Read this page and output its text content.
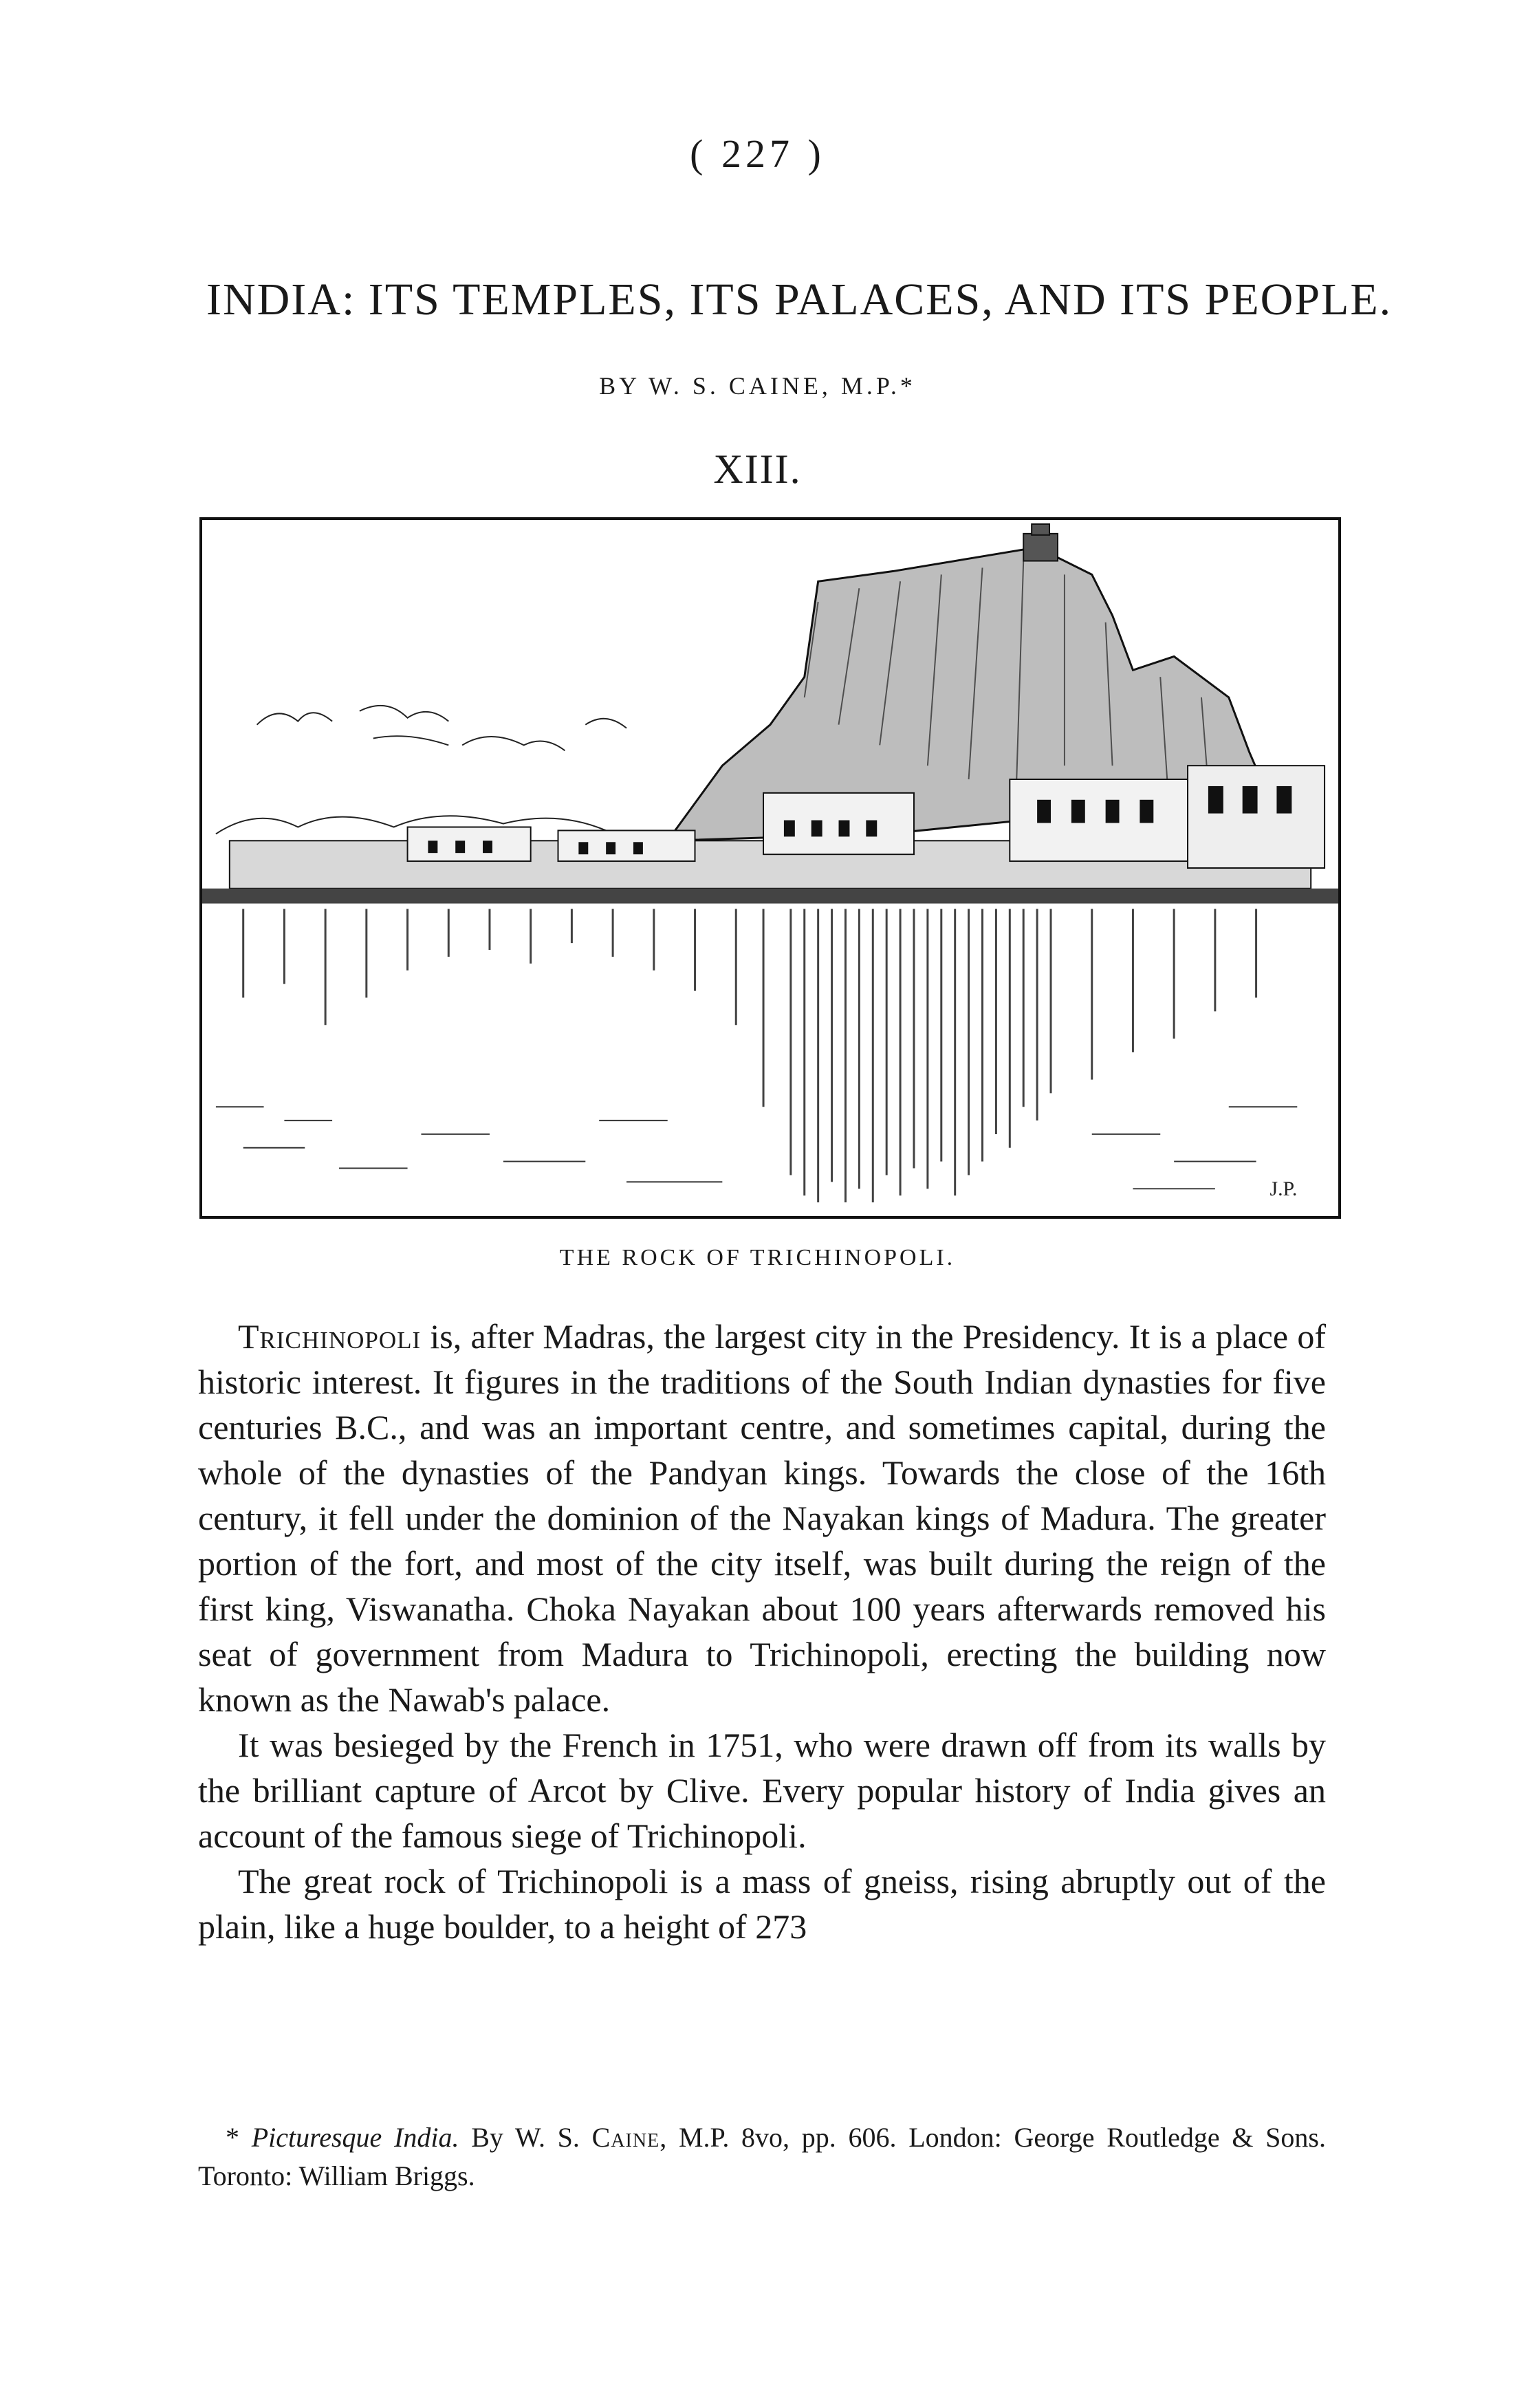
( 227 )
INDIA: ITS TEMPLES, ITS PALACES, AND ITS PEOPLE.
BY W. S. CAINE, M.P.*
XIII.
J.P.
THE ROCK OF TRICHINOPOLI.

Trichinopoli is, after Madras, the largest city in the Presidency. It is a place of historic interest. It figures in the traditions of the South Indian dynasties for five centuries B.C., and was an important centre, and sometimes capital, during the whole of the dynasties of the Pandyan kings. Towards the close of the 16th century, it fell under the dominion of the Nayakan kings of Madura. The greater portion of the fort, and most of the city itself, was built during the reign of the first king, Viswanatha. Choka Nayakan about 100 years afterwards removed his seat of government from Madura to Trichinopoli, erecting the building now known as the Nawab's palace.

It was besieged by the French in 1751, who were drawn off from its walls by the brilliant capture of Arcot by Clive. Every popular history of India gives an account of the famous siege of Trichinopoli.

The great rock of Trichinopoli is a mass of gneiss, rising abruptly out of the plain, like a huge boulder, to a height of 273

* Picturesque India. By W. S. Caine, M.P. 8vo, pp. 606. London: George Routledge & Sons. Toronto: William Briggs.
